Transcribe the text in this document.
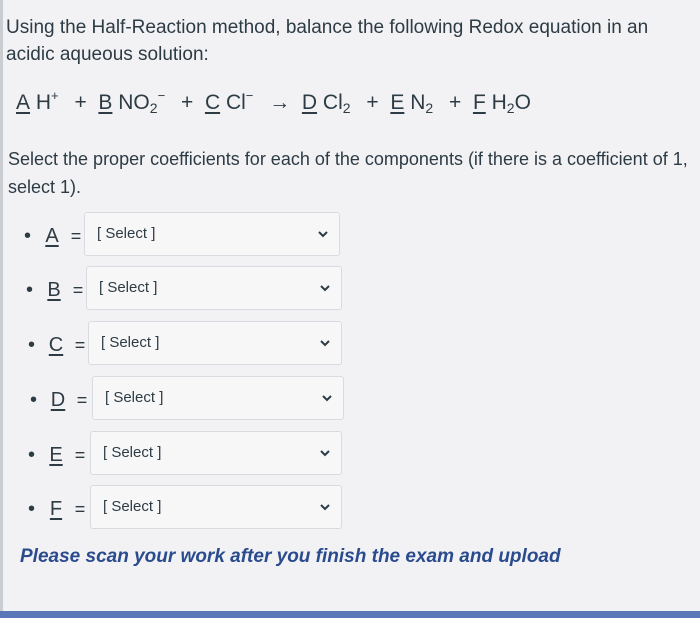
Using the Half-Reaction method, balance the following Redox equation in an acidic aqueous solution:
A H+ + B $NO_2^- + C$ Cl− → D $Cl_2 + E$ $N_2 + F$ $H_2O$
Select the proper coefficients for each of the components (if there is a coefficient of 1, select 1).
• A =	[ Select ]
• B =	[ Select ]
• C =	[ Select ]
• D =	[ Select ]
• E =	[ Select ]
• F =	[ Select ]
Please scan your work after you finish the exam and upload
